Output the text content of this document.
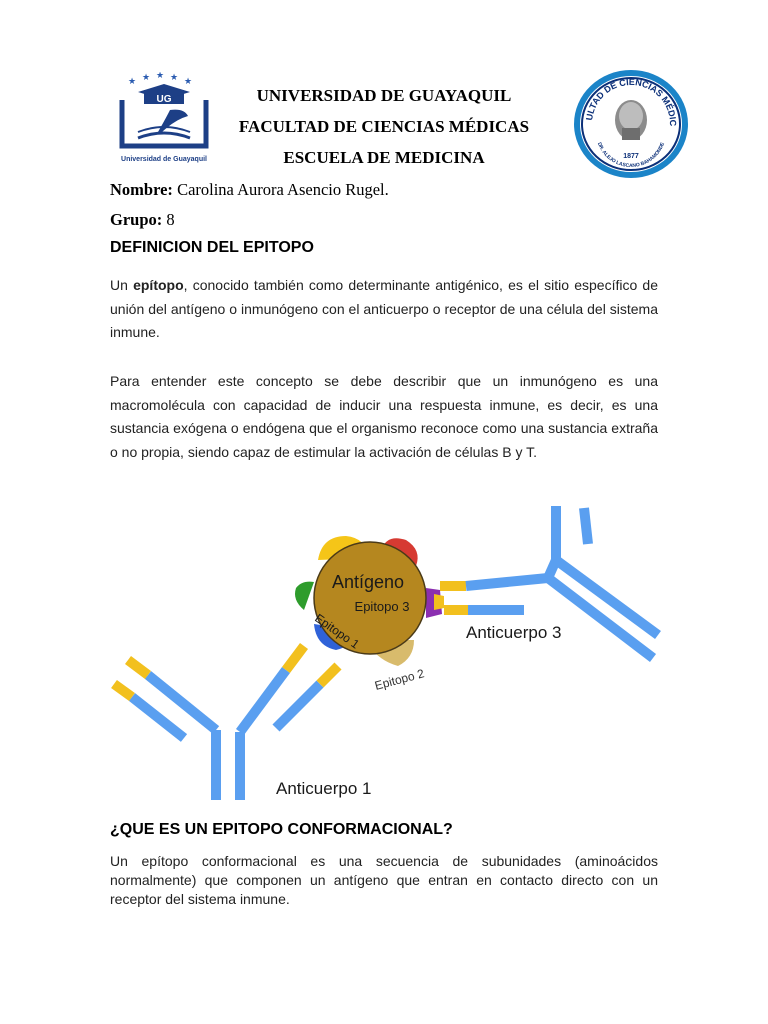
★ ★ ★ ★ ★
UG
Universidad de Guayaquil
ULTAD DE CIENCIAS MÉDIC
DR. ALEJO LASCANO BAHAMONDE
1877
UNIVERSIDAD DE GUAYAQUIL
FACULTAD DE CIENCIAS MÉDICAS
ESCUELA DE MEDICINA
Nombre: Carolina Aurora Asencio Rugel.
Grupo: 8
DEFINICION DEL EPITOPO
Un epítopo, conocido también como determinante antigénico, es el sitio específico de unión del antígeno o inmunógeno con el anticuerpo o receptor de una célula del sistema inmune.
Para entender este concepto se debe describir que un inmunógeno es una macromolécula con capacidad de inducir una respuesta inmune, es decir, es una sustancia exógena o endógena que el organismo reconoce como una sustancia extraña o no propia, siendo capaz de estimular la activación de células B y T.
Antígeno
Epitopo 3
Epitopo 1
Epitopo 2
Anticuerpo 3
Anticuerpo 1
¿QUE ES UN EPITOPO CONFORMACIONAL?
Un epítopo conformacional es una secuencia de subunidades (aminoácidos normalmente) que componen un antígeno que entran en contacto directo con un receptor del sistema inmune.
